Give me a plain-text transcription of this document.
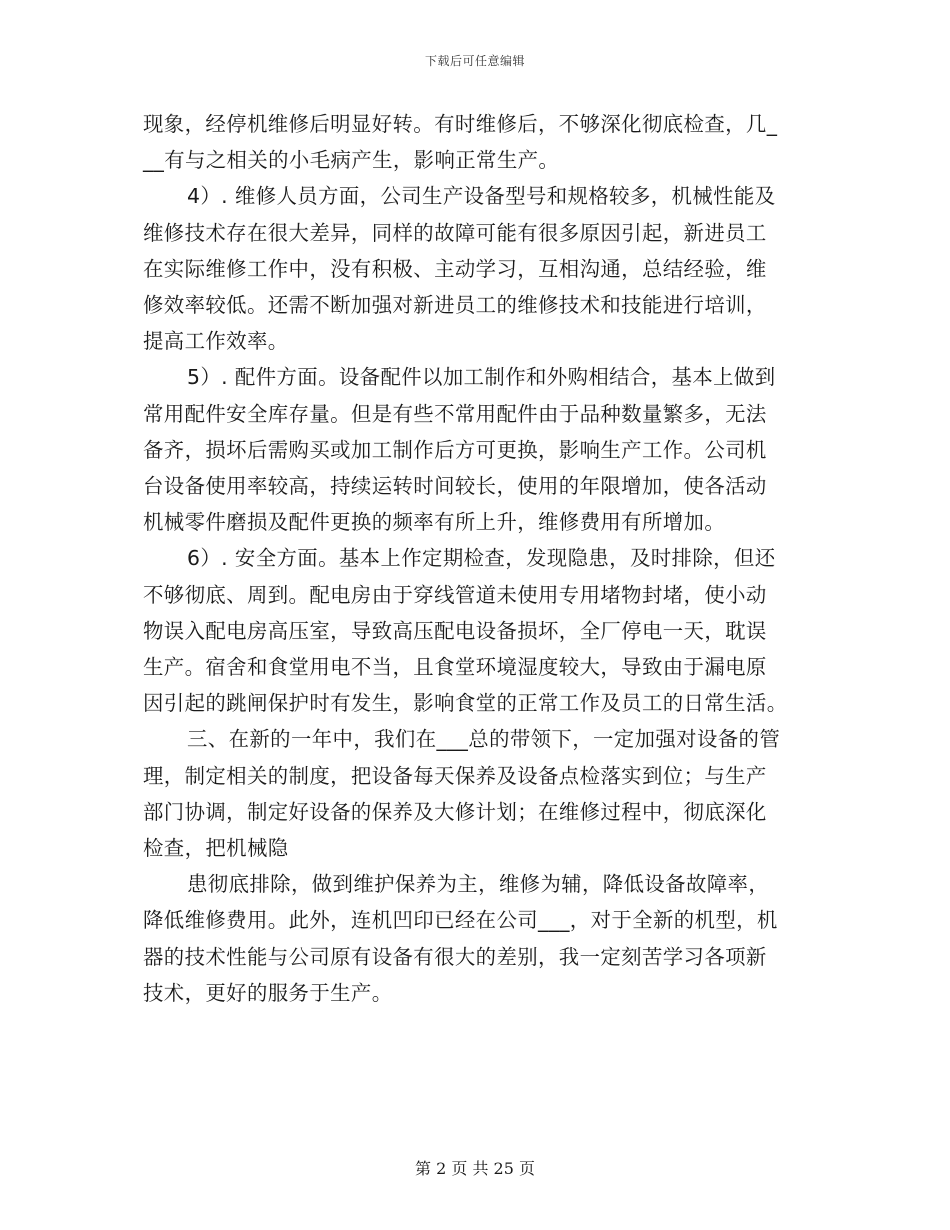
下载后可任意编辑

现象，经停机维修后明显好转。有时维修后，不够深化彻底检查，几_
__有与之相关的小毛病产生，影响正常生产。

4）. 维修人员方面，公司生产设备型号和规格较多，机械性能及
维修技术存在很大差异，同样的故障可能有很多原因引起，新进员工
在实际维修工作中，没有积极、主动学习，互相沟通，总结经验，维
修效率较低。还需不断加强对新进员工的维修技术和技能进行培训，
提高工作效率。

5）. 配件方面。设备配件以加工制作和外购相结合，基本上做到
常用配件安全库存量。但是有些不常用配件由于品种数量繁多，无法
备齐，损坏后需购买或加工制作后方可更换，影响生产工作。公司机
台设备使用率较高，持续运转时间较长，使用的年限增加，使各活动
机械零件磨损及配件更换的频率有所上升，维修费用有所增加。

6）. 安全方面。基本上作定期检查，发现隐患，及时排除，但还
不够彻底、周到。配电房由于穿线管道未使用专用堵物封堵，使小动
物误入配电房高压室，导致高压配电设备损坏，全厂停电一天，耽误
生产。宿舍和食堂用电不当，且食堂环境湿度较大，导致由于漏电原
因引起的跳闸保护时有发生，影响食堂的正常工作及员工的日常生活。

三、在新的一年中，我们在___总的带领下，一定加强对设备的管
理，制定相关的制度，把设备每天保养及设备点检落实到位；与生产
部门协调，制定好设备的保养及大修计划；在维修过程中，彻底深化
检查，把机械隐

患彻底排除，做到维护保养为主，维修为辅，降低设备故障率，
降低维修费用。此外，连机凹印已经在公司___，对于全新的机型，机
器的技术性能与公司原有设备有很大的差别，我一定刻苦学习各项新
技术，更好的服务于生产。

第 2 页 共 25 页
